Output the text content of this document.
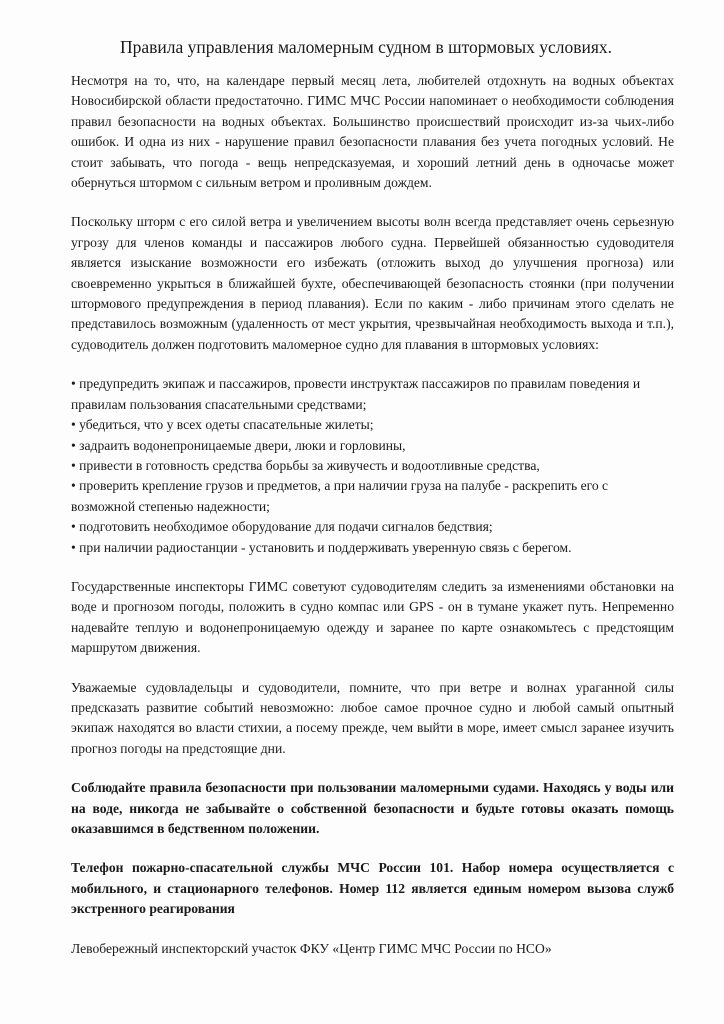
Правила управления маломерным судном в штормовых условиях.

Несмотря на то, что, на календаре первый месяц лета, любителей отдохнуть на водных объектах Новосибирской области предостаточно. ГИМС МЧС России напоминает о необходимости соблюдения правил безопасности на водных объектах. Большинство происшествий происходит из-за чьих-либо ошибок. И одна из них - нарушение правил безопасности плавания без учета погодных условий. Не стоит забывать, что погода - вещь непредсказуемая, и хороший летний день в одночасье может обернуться штормом с сильным ветром и проливным дождем.

Поскольку шторм с его силой ветра и увеличением высоты волн всегда представляет очень серьезную угрозу для членов команды и пассажиров любого судна. Первейшей обязанностью судоводителя является изыскание возможности его избежать (отложить выход до улучшения прогноза) или своевременно укрыться в ближайшей бухте, обеспечивающей безопасность стоянки (при получении штормового предупреждения в период плавания). Если по каким - либо причинам этого сделать не представилось возможным (удаленность от мест укрытия, чрезвычайная необходимость выхода и т.п.), судоводитель должен подготовить маломерное судно для плавания в штормовых условиях:

• предупредить экипаж и пассажиров, провести инструктаж пассажиров по правилам поведения и правилам пользования спасательными средствами;
• убедиться, что у всех одеты спасательные жилеты;
• задраить водонепроницаемые двери, люки и горловины,
• привести в готовность средства борьбы за живучесть и водоотливные средства,
• проверить крепление грузов и предметов, а при наличии груза на палубе - раскрепить его с возможной степенью надежности;
• подготовить необходимое оборудование для подачи сигналов бедствия;
• при наличии радиостанции - установить и поддерживать уверенную связь с берегом.

Государственные инспекторы ГИМС советуют судоводителям следить за изменениями обстановки на воде и прогнозом погоды, положить в судно компас или GPS - он в тумане укажет путь. Непременно надевайте теплую и водонепроницаемую одежду и заранее по карте ознакомьтесь с предстоящим маршрутом движения.

Уважаемые судовладельцы и судоводители, помните, что при ветре и волнах ураганной силы предсказать развитие событий невозможно: любое самое прочное судно и любой самый опытный экипаж находятся во власти стихии, а посему прежде, чем выйти в море, имеет смысл заранее изучить прогноз погоды на предстоящие дни.

Соблюдайте правила безопасности при пользовании маломерными судами. Находясь у воды или на воде, никогда не забывайте о собственной безопасности и будьте готовы оказать помощь оказавшимся в бедственном положении.

Телефон пожарно-спасательной службы МЧС России 101. Набор номера осуществляется с мобильного, и стационарного телефонов. Номер 112 является единым номером вызова служб экстренного реагирования

Левобережный инспекторский участок ФКУ «Центр ГИМС МЧС России по НСО»
